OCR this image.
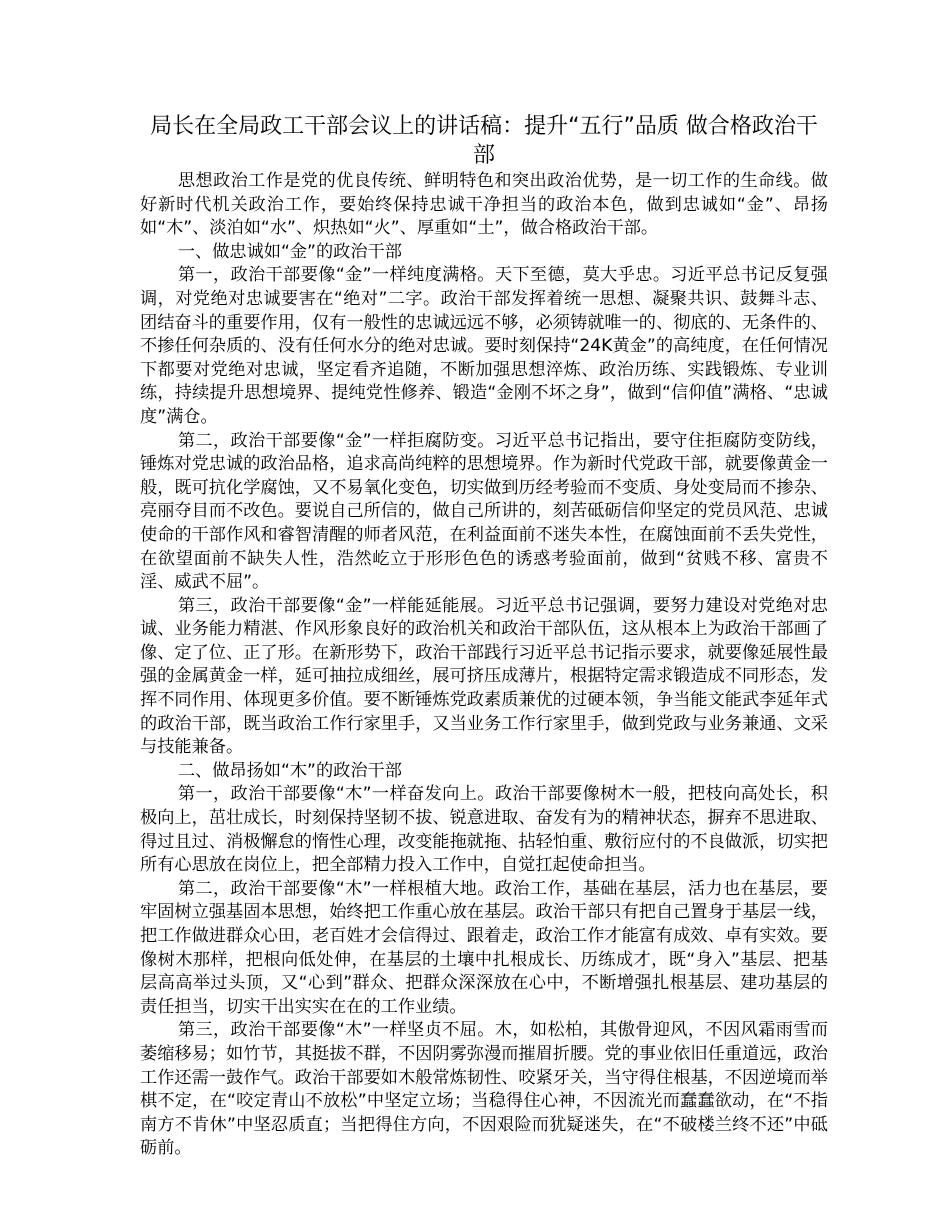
局长在全局政工干部会议上的讲话稿：提升“五行”品质 做合格政治干部

思想政治工作是党的优良传统、鲜明特色和突出政治优势，是一切工作的生命线。做好新时代机关政治工作，要始终保持忠诚干净担当的政治本色，做到忠诚如“金”、昂扬如“木”、淡泊如“水”、炽热如“火”、厚重如“土”，做合格政治干部。

一、做忠诚如“金”的政治干部

第一，政治干部要像“金”一样纯度满格。天下至德，莫大乎忠。习近平总书记反复强调，对党绝对忠诚要害在“绝对”二字。政治干部发挥着统一思想、凝聚共识、鼓舞斗志、团结奋斗的重要作用，仅有一般性的忠诚远远不够，必须铸就唯一的、彻底的、无条件的、不掺任何杂质的、没有任何水分的绝对忠诚。要时刻保持“24K黄金”的高纯度，在任何情况下都要对党绝对忠诚，坚定看齐追随，不断加强思想淬炼、政治历练、实践锻炼、专业训练，持续提升思想境界、提纯党性修养、锻造“金刚不坏之身”，做到“信仰值”满格、“忠诚度”满仓。

第二，政治干部要像“金”一样拒腐防变。习近平总书记指出，要守住拒腐防变防线，锤炼对党忠诚的政治品格，追求高尚纯粹的思想境界。作为新时代党政干部，就要像黄金一般，既可抗化学腐蚀，又不易氧化变色，切实做到历经考验而不变质、身处变局而不掺杂、亮丽夺目而不改色。要说自己所信的，做自己所讲的，刻苦砥砺信仰坚定的党员风范、忠诚使命的干部作风和睿智清醒的师者风范，在利益面前不迷失本性，在腐蚀面前不丢失党性，在欲望面前不缺失人性，浩然屹立于形形色色的诱惑考验面前，做到“贫贱不移、富贵不淫、威武不屈”。

第三，政治干部要像“金”一样能延能展。习近平总书记强调，要努力建设对党绝对忠诚、业务能力精湛、作风形象良好的政治机关和政治干部队伍，这从根本上为政治干部画了像、定了位、正了形。在新形势下，政治干部践行习近平总书记指示要求，就要像延展性最强的金属黄金一样，延可抽拉成细丝，展可挤压成薄片，根据特定需求锻造成不同形态，发挥不同作用、体现更多价值。要不断锤炼党政素质兼优的过硬本领，争当能文能武李延年式的政治干部，既当政治工作行家里手，又当业务工作行家里手，做到党政与业务兼通、文采与技能兼备。

二、做昂扬如“木”的政治干部

第一，政治干部要像“木”一样奋发向上。政治干部要像树木一般，把枝向高处长，积极向上，茁壮成长，时刻保持坚韧不拔、锐意进取、奋发有为的精神状态，摒弃不思进取、得过且过、消极懈怠的惰性心理，改变能拖就拖、拈轻怕重、敷衍应付的不良做派，切实把所有心思放在岗位上，把全部精力投入工作中，自觉扛起使命担当。

第二，政治干部要像“木”一样根植大地。政治工作，基础在基层，活力也在基层，要牢固树立强基固本思想，始终把工作重心放在基层。政治干部只有把自己置身于基层一线，把工作做进群众心田，老百姓才会信得过、跟着走，政治工作才能富有成效、卓有实效。要像树木那样，把根向低处伸，在基层的土壤中扎根成长、历练成才，既“身入”基层、把基层高高举过头顶，又“心到”群众、把群众深深放在心中，不断增强扎根基层、建功基层的责任担当，切实干出实实在在的工作业绩。

第三，政治干部要像“木”一样坚贞不屈。木，如松柏，其傲骨迎风，不因风霜雨雪而萎缩移易；如竹节，其挺拔不群，不因阴雾弥漫而摧眉折腰。党的事业依旧任重道远，政治工作还需一鼓作气。政治干部要如木般常炼韧性、咬紧牙关，当守得住根基，不因逆境而举棋不定，在“咬定青山不放松”中坚定立场；当稳得住心神，不因流光而蠢蠢欲动，在“不指南方不肯休”中坚忍质直；当把得住方向，不因艰险而犹疑迷失，在“不破楼兰终不还”中砥砺前。
